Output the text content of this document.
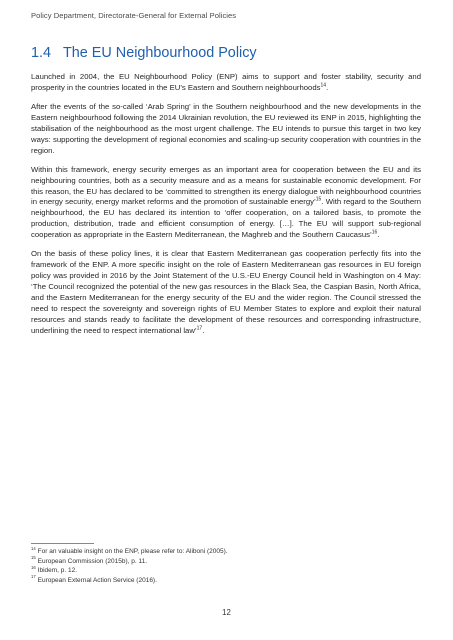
Policy Department, Directorate-General for External Policies
1.4 The EU Neighbourhood Policy

Launched in 2004, the EU Neighbourhood Policy (ENP) aims to support and foster stability, security and prosperity in the countries located in the EU’s Eastern and Southern neighbourhoods$^{14}$.

After the events of the so-called ‘Arab Spring’ in the Southern neighbourhood and the new developments in the Eastern neighbourhood following the 2014 Ukrainian revolution, the EU reviewed its ENP in 2015, highlighting the stabilisation of the neighbourhood as the most urgent challenge. The EU intends to pursue this target in two key ways: supporting the development of regional economies and scaling-up security cooperation with countries in the region.

Within this framework, energy security emerges as an important area for cooperation between the EU and its neighbouring countries, both as a security measure and as a means for sustainable economic development. For this reason, the EU has declared to be ‘committed to strengthen its energy dialogue with neighbourhood countries in energy security, energy market reforms and the promotion of sustainable energy’$^{15}$. With regard to the Southern neighbourhood, the EU has declared its intention to ‘offer cooperation, on a tailored basis, to promote the production, distribution, trade and efficient consumption of energy. […]. The EU will support sub-regional cooperation as appropriate in the Eastern Mediterranean, the Maghreb and the Southern Caucasus’$^{16}$.

On the basis of these policy lines, it is clear that Eastern Mediterranean gas cooperation perfectly fits into the framework of the ENP. A more specific insight on the role of Eastern Mediterranean gas resources in EU foreign policy was provided in 2016 by the Joint Statement of the U.S.-EU Energy Council held in Washington on 4 May: ‘The Council recognized the potential of the new gas resources in the Black Sea, the Caspian Basin, North Africa, and the Eastern Mediterranean for the energy security of the EU and the wider region. The Council stressed the need to respect the sovereignty and sovereign rights of EU Member States to explore and exploit their natural resources and stands ready to facilitate the development of these resources and corresponding infrastructure, underlining the need to respect international law’$^{17}$.

$^{14}$ For an valuable insight on the ENP, please refer to: Aliboni (2005).
$^{15}$ European Commission (2015b), p. 11.
$^{16}$ Ibidem, p. 12.
$^{17}$ European External Action Service (2016).
12
